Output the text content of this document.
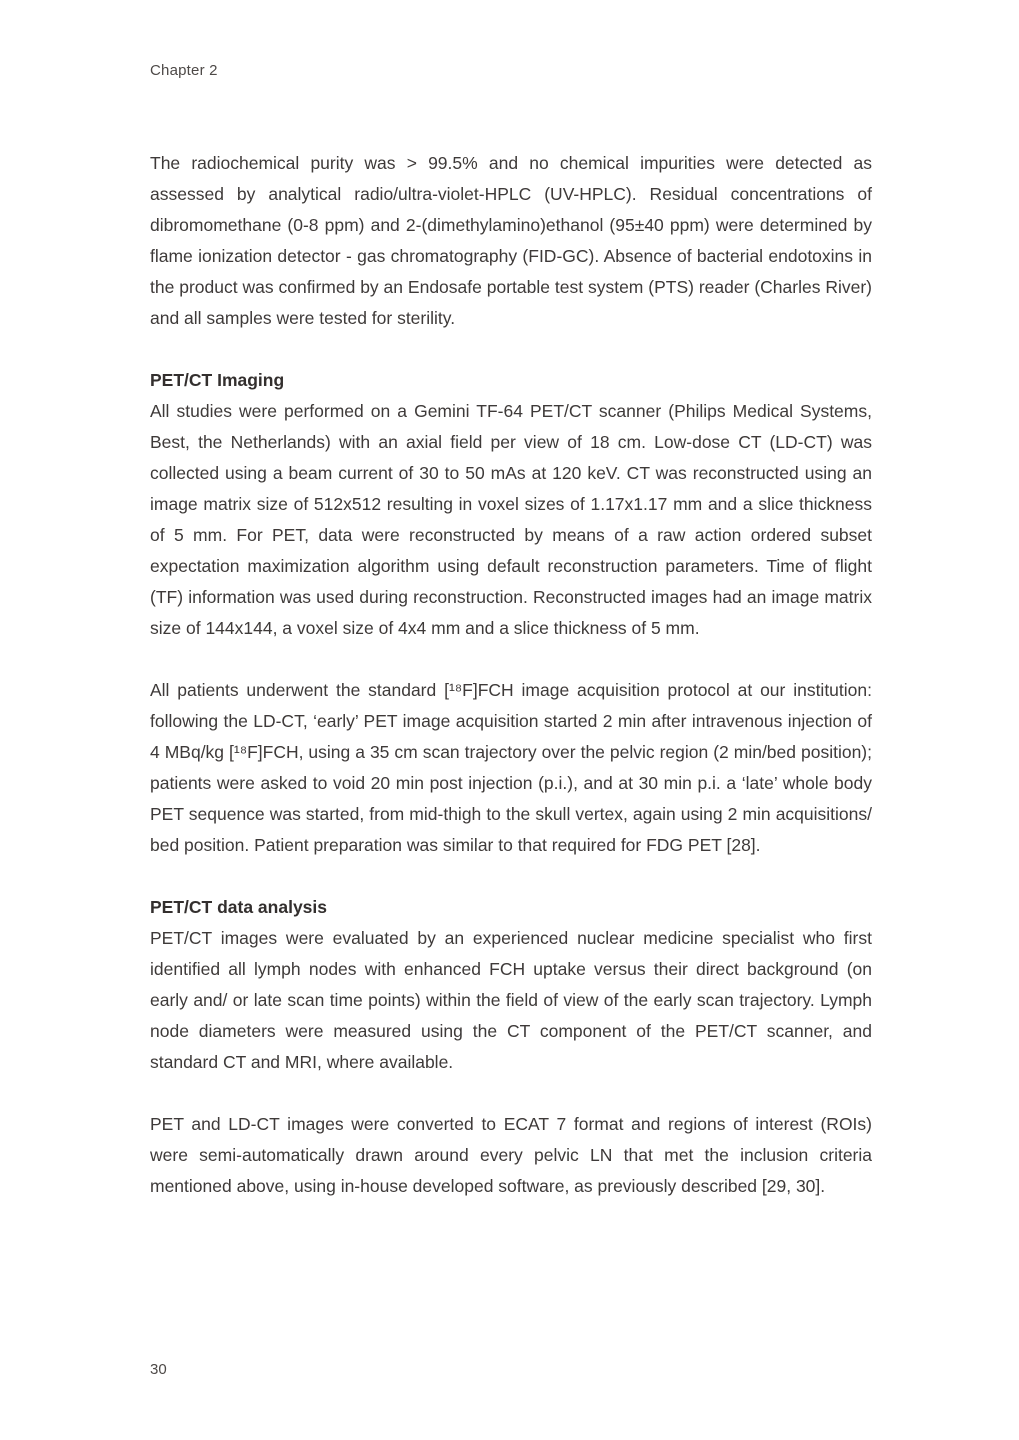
Chapter 2

The radiochemical purity was > 99.5% and no chemical impurities were detected as assessed by analytical radio/ultra-violet-HPLC (UV-HPLC). Residual concentrations of dibromomethane (0-8 ppm) and 2-(dimethylamino)ethanol (95±40 ppm) were determined by flame ionization detector - gas chromatography (FID-GC). Absence of bacterial endotoxins in the product was confirmed by an Endosafe portable test system (PTS) reader (Charles River) and all samples were tested for sterility.

PET/CT Imaging

All studies were performed on a Gemini TF-64 PET/CT scanner (Philips Medical Systems, Best, the Netherlands) with an axial field per view of 18 cm. Low-dose CT (LD-CT) was collected using a beam current of 30 to 50 mAs at 120 keV. CT was reconstructed using an image matrix size of 512x512 resulting in voxel sizes of 1.17x1.17 mm and a slice thickness of 5 mm. For PET, data were reconstructed by means of a raw action ordered subset expectation maximization algorithm using default reconstruction parameters. Time of flight (TF) information was used during reconstruction. Reconstructed images had an image matrix size of 144x144, a voxel size of 4x4 mm and a slice thickness of 5 mm.

All patients underwent the standard [¹⁸F]FCH image acquisition protocol at our institution: following the LD-CT, ‘early’ PET image acquisition started 2 min after intravenous injection of 4 MBq/kg [¹⁸F]FCH, using a 35 cm scan trajectory over the pelvic region (2 min/bed position); patients were asked to void 20 min post injection (p.i.), and at 30 min p.i. a ‘late’ whole body PET sequence was started, from mid-thigh to the skull vertex, again using 2 min acquisitions/ bed position. Patient preparation was similar to that required for FDG PET [28].

PET/CT data analysis

PET/CT images were evaluated by an experienced nuclear medicine specialist who first identified all lymph nodes with enhanced FCH uptake versus their direct background (on early and/ or late scan time points) within the field of view of the early scan trajectory. Lymph node diameters were measured using the CT component of the PET/CT scanner, and standard CT and MRI, where available.

PET and LD-CT images were converted to ECAT 7 format and regions of interest (ROIs) were semi-automatically drawn around every pelvic LN that met the inclusion criteria mentioned above, using in-house developed software, as previously described [29, 30].

30
